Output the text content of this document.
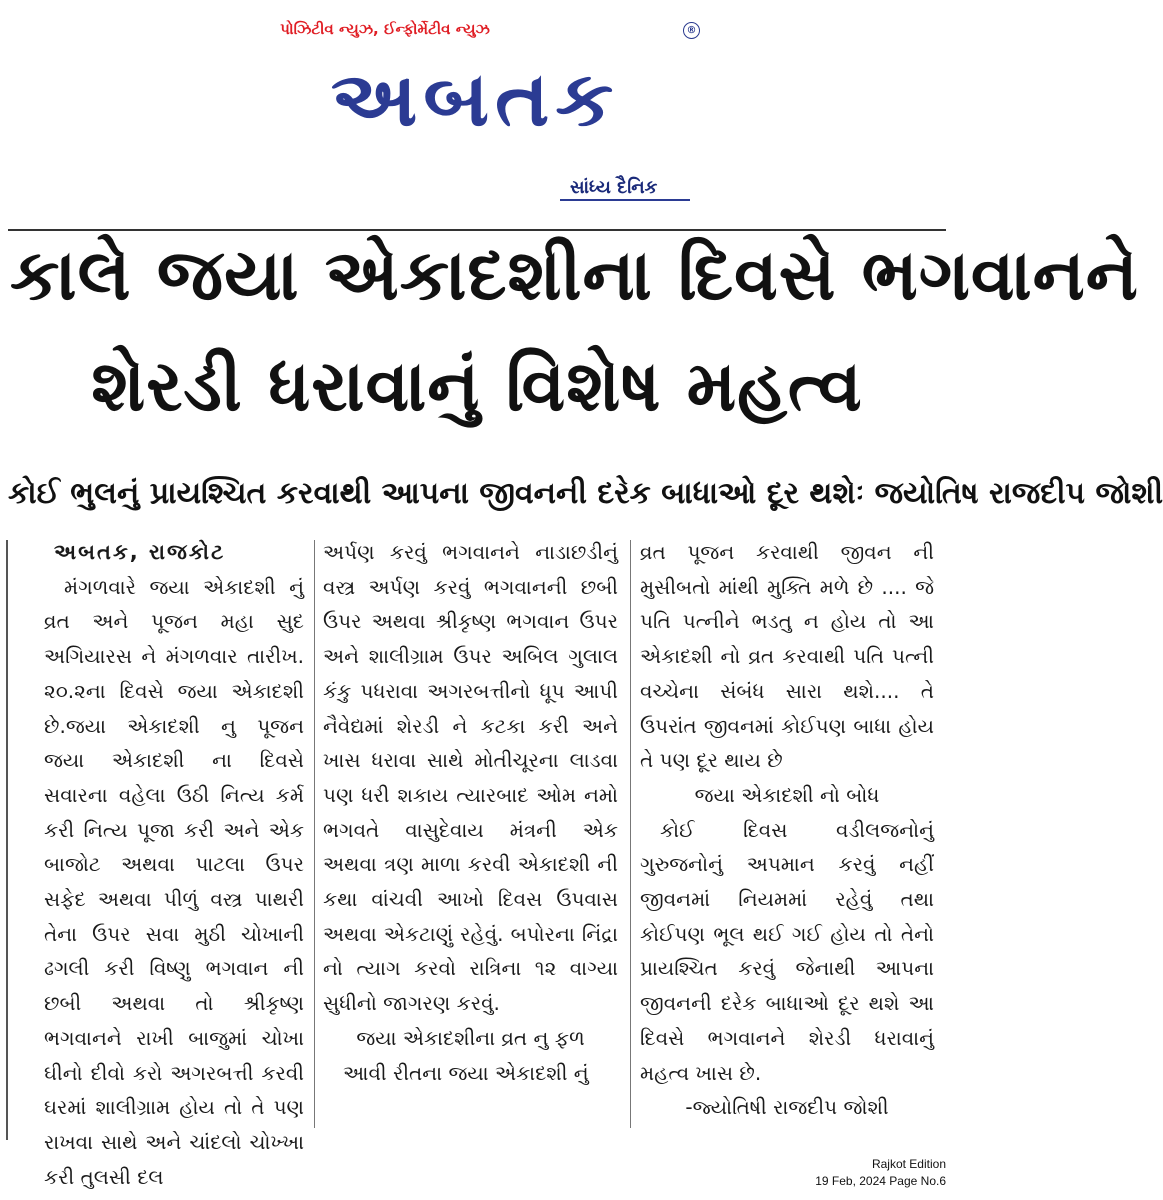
પોઝિટીવ ન્યુઝ, ઈન્ફોર્મેટીવ ન્યુઝ	®
અબતક
સાંધ્ય દૈનિક
કાલે જયા એકાદશીના દિવસે ભગવાનને
શેરડી ધરાવાનું વિશેષ મહત્વ
કોઈ ભુલનું પ્રાયશ્ચિત કરવાથી આપના જીવનની દરેક બાધાઓ દૂર થશેઃ જયોતિષ રાજદીપ જોશી

અબતક, રાજકોટ

મંગળવારે જયા એકાદશી નું વ્રત અને પૂજન મહા સુદ અગિયારસ ને મંગળવાર તારીખ. ૨૦.૨ના દિવસે જયા એકાદશી છે.જયા એકાદશી નુ પૂજન જયા એકાદશી ના દિવસે સવારના વહેલા ઉઠી નિત્ય કર્મ કરી નિત્ય પૂજા કરી અને એક બાજોટ અથવા પાટલા ઉપર સફેદ અથવા પીળું વસ્ત્ર પાથરી તેના ઉપર સવા મુઠી ચોખાની ઢગલી કરી વિષ્ણુ ભગવાન ની છબી અથવા તો શ્રીકૃષ્ણ ભગવાનને રાખી બાજુમાં ચોખા ઘીનો દીવો કરો અગરબત્તી કરવી ઘરમાં શાલીગ્રામ હોય તો તે પણ રાખવા સાથે અને ચાંદલો ચોખ્ખા કરી તુલસી દલ

અર્પણ કરવું ભગવાનને નાડાછડીનું વસ્ત્ર અર્પણ કરવું ભગવાનની છબી ઉપર અથવા શ્રીકૃષ્ણ ભગવાન ઉપર અને શાલીગ્રામ ઉપર અબિલ ગુલાલ કંકુ પધરાવા અગરબત્તીનો ધૂપ આપી નૈવેદ્યમાં શેરડી ને કટકા કરી અને ખાસ ધરાવા સાથે મોતીચૂરના લાડવા પણ ધરી શકાય ત્યારબાદ ઓમ નમો ભગવતે વાસુદેવાય મંત્રની એક અથવા ત્રણ માળા કરવી એકાદશી ની કથા વાંચવી આખો દિવસ ઉપવાસ અથવા એકટાણું રહેવું. બપોરના નિંદ્રા નો ત્યાગ કરવો રાત્રિના ૧૨ વાગ્યા સુધીનો જાગરણ કરવું.

જયા એકાદશીના વ્રત નુ ફળ

આવી રીતના જયા એકાદશી નું

વ્રત પૂજન કરવાથી જીવન ની મુસીબતો માંથી મુક્તિ મળે છે .... જે પતિ પત્નીને ભડતુ ન હોય તો આ એકાદશી નો વ્રત કરવાથી પતિ પત્ની વચ્ચેના સંબંધ સારા થશે.... તે ઉપરાંત જીવનમાં કોઈપણ બાધા હોય તે પણ દૂર થાય છે

જયા એકાદશી નો બોધ

કોઈ દિવસ વડીલજનોનું ગુરુજનોનું અપમાન કરવું નહીં જીવનમાં નિયમમાં રહેવું તથા કોઈપણ ભૂલ થઈ ગઈ હોય તો તેનો પ્રાયશ્ચિત કરવું જેનાથી આપના જીવનની દરેક બાધાઓ દૂર થશે આ દિવસે ભગવાનને શેરડી ધરાવાનું મહત્વ ખાસ છે.

-જ્યોતિષી રાજદીપ જોશી

Rajkot Edition
19 Feb, 2024 Page No.6
